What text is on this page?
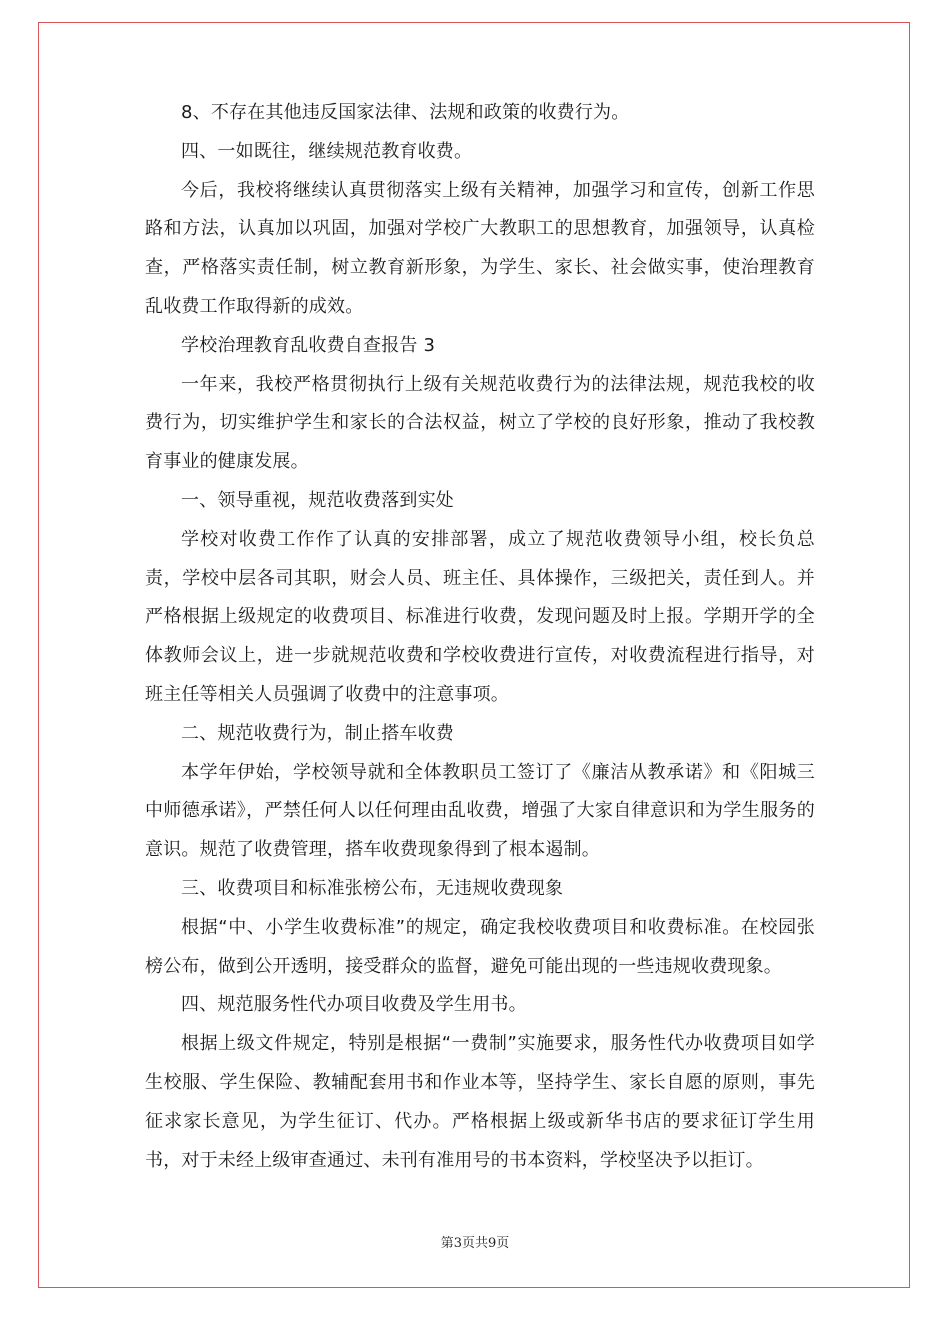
8、不存在其他违反国家法律、法规和政策的收费行为。

四、一如既往，继续规范教育收费。

今后，我校将继续认真贯彻落实上级有关精神，加强学习和宣传，创新工作思路和方法，认真加以巩固，加强对学校广大教职工的思想教育，加强领导，认真检查，严格落实责任制，树立教育新形象，为学生、家长、社会做实事，使治理教育乱收费工作取得新的成效。

学校治理教育乱收费自查报告 3

一年来，我校严格贯彻执行上级有关规范收费行为的法律法规，规范我校的收费行为，切实维护学生和家长的合法权益，树立了学校的良好形象，推动了我校教育事业的健康发展。

一、领导重视，规范收费落到实处

学校对收费工作作了认真的安排部署，成立了规范收费领导小组，校长负总责，学校中层各司其职，财会人员、班主任、具体操作，三级把关，责任到人。并严格根据上级规定的收费项目、标准进行收费，发现问题及时上报。学期开学的全体教师会议上，进一步就规范收费和学校收费进行宣传，对收费流程进行指导，对班主任等相关人员强调了收费中的注意事项。

二、规范收费行为，制止搭车收费

本学年伊始，学校领导就和全体教职员工签订了《廉洁从教承诺》和《阳城三中师德承诺》，严禁任何人以任何理由乱收费，增强了大家自律意识和为学生服务的意识。规范了收费管理，搭车收费现象得到了根本遏制。

三、收费项目和标准张榜公布，无违规收费现象

根据“中、小学生收费标准”的规定，确定我校收费项目和收费标准。在校园张榜公布，做到公开透明，接受群众的监督，避免可能出现的一些违规收费现象。

四、规范服务性代办项目收费及学生用书。

根据上级文件规定，特别是根据“一费制”实施要求，服务性代办收费项目如学生校服、学生保险、教辅配套用书和作业本等，坚持学生、家长自愿的原则，事先征求家长意见，为学生征订、代办。严格根据上级或新华书店的要求征订学生用书，对于未经上级审查通过、未刊有准用号的书本资料，学校坚决予以拒订。

第3页共9页
